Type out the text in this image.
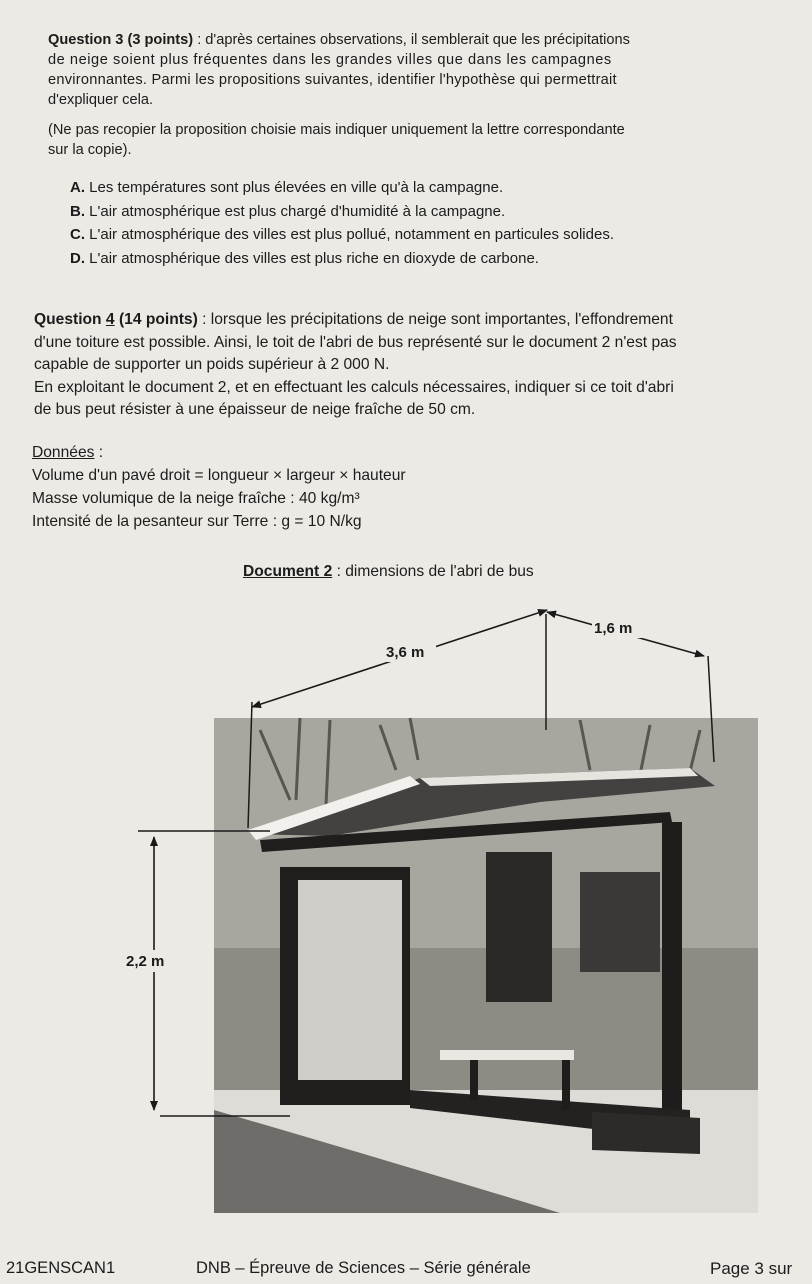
Question 3 (3 points) : d'après certaines observations, il semblerait que les précipitations

de neige soient plus fréquentes dans les grandes villes que dans les campagnes

environnantes. Parmi les propositions suivantes, identifier l'hypothèse qui permettrait

d'expliquer cela.

(Ne pas recopier la proposition choisie mais indiquer uniquement la lettre correspondante

sur la copie).

A. Les températures sont plus élevées en ville qu'à la campagne.

B. L'air atmosphérique est plus chargé d'humidité à la campagne.

C. L'air atmosphérique des villes est plus pollué, notamment en particules solides.

D. L'air atmosphérique des villes est plus riche en dioxyde de carbone.

Question 4 (14 points) : lorsque les précipitations de neige sont importantes, l'effondrement

d'une toiture est possible. Ainsi, le toit de l'abri de bus représenté sur le document 2 n'est pas

capable de supporter un poids supérieur à 2 000 N.

En exploitant le document 2, et en effectuant les calculs nécessaires, indiquer si ce toit d'abri

de bus peut résister à une épaisseur de neige fraîche de 50 cm.

Données :

Volume d'un pavé droit = longueur × largeur × hauteur

Masse volumique de la neige fraîche : 40 kg/m³

Intensité de la pesanteur sur Terre : g = 10 N/kg

Document 2 : dimensions de l'abri de bus
3,6 m
1,6 m
2,2 m
21GENSCAN1	DNB – Épreuve de Sciences – Série générale	Page 3 sur
